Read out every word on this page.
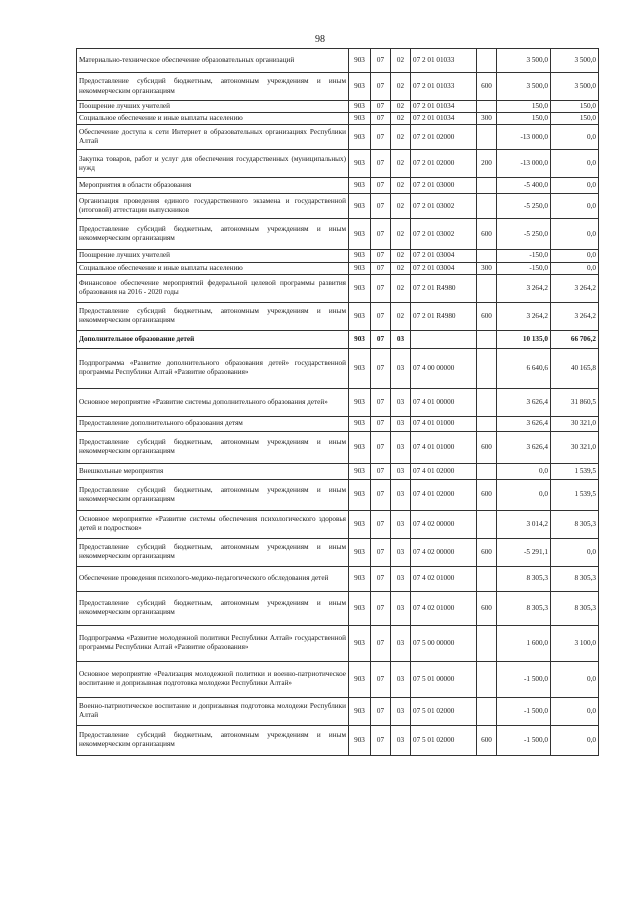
98
Материально-техническое обеспечение образовательных организаций	903	07	02	07 2 01 01033		3 500,0	3 500,0
Предоставление субсидий бюджетным, автономным учреждениям и иным некоммерческим организациям	903	07	02	07 2 01 01033	600	3 500,0	3 500,0
Поощрение лучших учителей	903	07	02	07 2 01 01034		150,0	150,0
Социальное обеспечение и иные выплаты населению	903	07	02	07 2 01 01034	300	150,0	150,0
Обеспечение доступа к сети Интернет в образовательных организациях Республики Алтай	903	07	02	07 2 01 02000		-13 000,0	0,0
Закупка товаров, работ и услуг для обеспечения государственных (муниципальных) нужд	903	07	02	07 2 01 02000	200	-13 000,0	0,0
Мероприятия в области образования	903	07	02	07 2 01 03000		-5 400,0	0,0
Организация проведения единого государственного экзамена и государственной (итоговой) аттестации выпускников	903	07	02	07 2 01 03002		-5 250,0	0,0
Предоставление субсидий бюджетным, автономным учреждениям и иным некоммерческим организациям	903	07	02	07 2 01 03002	600	-5 250,0	0,0
Поощрение лучших учителей	903	07	02	07 2 01 03004		-150,0	0,0
Социальное обеспечение и иные выплаты населению	903	07	02	07 2 01 03004	300	-150,0	0,0
Финансовое обеспечение мероприятий федеральной целевой программы развития образования на 2016 - 2020 годы	903	07	02	07 2 01 R4980		3 264,2	3 264,2
Предоставление субсидий бюджетным, автономным учреждениям и иным некоммерческим организациям	903	07	02	07 2 01 R4980	600	3 264,2	3 264,2
Дополнительное образование детей	903	07	03			10 135,0	66 706,2
Подпрограмма «Развитие дополнительного образования детей» государственной программы Республики Алтай «Развитие образования»	903	07	03	07 4 00 00000		6 640,6	40 165,8
Основное мероприятие «Развитие системы дополнительного образования детей»	903	07	03	07 4 01 00000		3 626,4	31 860,5
Предоставление дополнительного образования детям	903	07	03	07 4 01 01000		3 626,4	30 321,0
Предоставление субсидий бюджетным, автономным учреждениям и иным некоммерческим организациям	903	07	03	07 4 01 01000	600	3 626,4	30 321,0
Внешкольные мероприятия	903	07	03	07 4 01 02000		0,0	1 539,5
Предоставление субсидий бюджетным, автономным учреждениям и иным некоммерческим организациям	903	07	03	07 4 01 02000	600	0,0	1 539,5
Основное мероприятие «Развитие системы обеспечения психологического здоровья детей и подростков»	903	07	03	07 4 02 00000		3 014,2	8 305,3
Предоставление субсидий бюджетным, автономным учреждениям и иным некоммерческим организациям	903	07	03	07 4 02 00000	600	-5 291,1	0,0
Обеспечение проведения психолого-медико-педагогического обследования детей	903	07	03	07 4 02 01000		8 305,3	8 305,3
Предоставление субсидий бюджетным, автономным учреждениям и иным некоммерческим организациям	903	07	03	07 4 02 01000	600	8 305,3	8 305,3
Подпрограмма «Развитие молодежной политики Республики Алтай» государственной программы Республики Алтай «Развитие образования»	903	07	03	07 5 00 00000		1 600,0	3 100,0
Основное мероприятие «Реализация молодежной политики и военно-патриотическое воспитание и допризывная подготовка молодежи Республики Алтай»	903	07	03	07 5 01 00000		-1 500,0	0,0
Военно-патриотическое воспитание и допризывная подготовка молодежи Республики Алтай	903	07	03	07 5 01 02000		-1 500,0	0,0
Предоставление субсидий бюджетным, автономным учреждениям и иным некоммерческим организациям	903	07	03	07 5 01 02000	600	-1 500,0	0,0
